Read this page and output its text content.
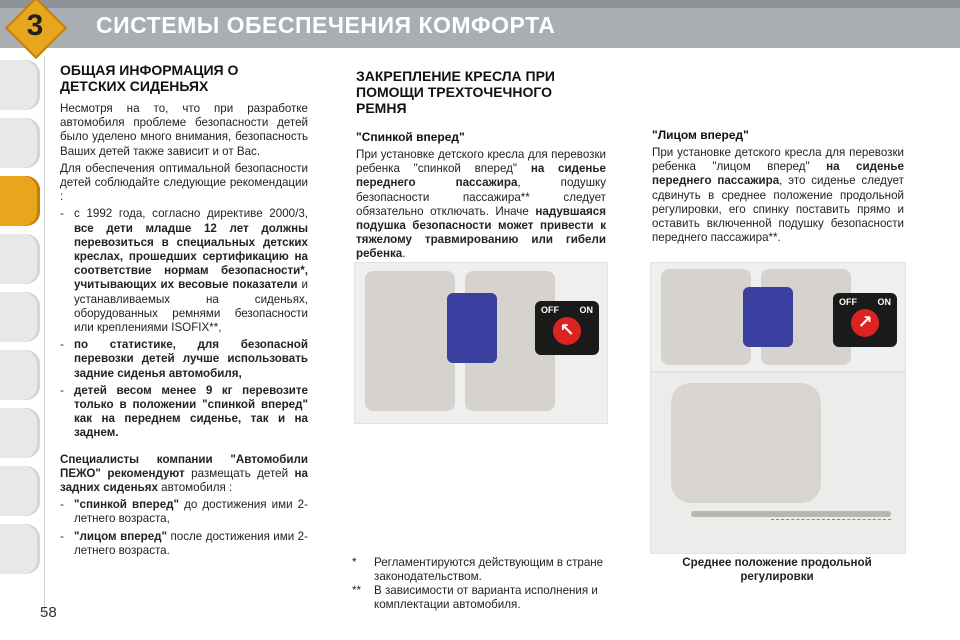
3	СИСТЕМЫ ОБЕСПЕЧЕНИЯ КОМФОРТА
ОБЩАЯ ИНФОРМАЦИЯ О ДЕТСКИХ СИДЕНЬЯХ

Несмотря на то, что при разработке автомобиля проблеме безопасности детей было уделено много внимания, безопасность Ваших детей также зависит и от Вас.

Для обеспечения оптимальной безопасности детей соблюдайте следующие рекомендации :

- с 1992 года, согласно директиве 2000/3, все дети младше 12 лет должны перевозиться в специальных детских креслах, прошедших сертификацию на соответствие нормам безопасности*, учитывающих их весовые показатели и устанавливаемых на сиденьях, оборудованных ремнями безопасности или креплениями ISOFIX**,
- по статистике, для безопасной перевозки детей лучше использовать задние сиденья автомобиля,
- детей весом менее 9 кг перевозите только в положении "спинкой вперед" как на переднем сиденье, так и на заднем.

Специалисты компании "Автомобили ПЕЖО" рекомендуют размещать детей на задних сиденьях автомобиля :

- "спинкой вперед" до достижения ими 2-летнего возраста,
- "лицом вперед" после достижения ими 2-летнего возраста.
ЗАКРЕПЛЕНИЕ КРЕСЛА ПРИ ПОМОЩИ ТРЕХТОЧЕЧНОГО РЕМНЯ
"Спинкой вперед"

При установке детского кресла для перевозки ребенка "спинкой вперед" на сиденье переднего пассажира, подушку безопасности пассажира** следует обязательно отключать. Иначе надувшаяся подушка безопасности может привести к тяжелому травмированию или гибели ребенка.

OFF ON
↖
* Регламентируются действующим в стране законодательством.
** В зависимости от варианта исполнения и комплектации автомобиля.
"Лицом вперед"

При установке детского кресла для перевозки ребенка "лицом вперед" на сиденье переднего пассажира, это сиденье следует сдвинуть в среднее положение продольной регулировки, его спинку поставить прямо и оставить включенной подушку безопасности переднего пассажира**.

OFF ON
↗
Среднее положение продольной регулировки
58
